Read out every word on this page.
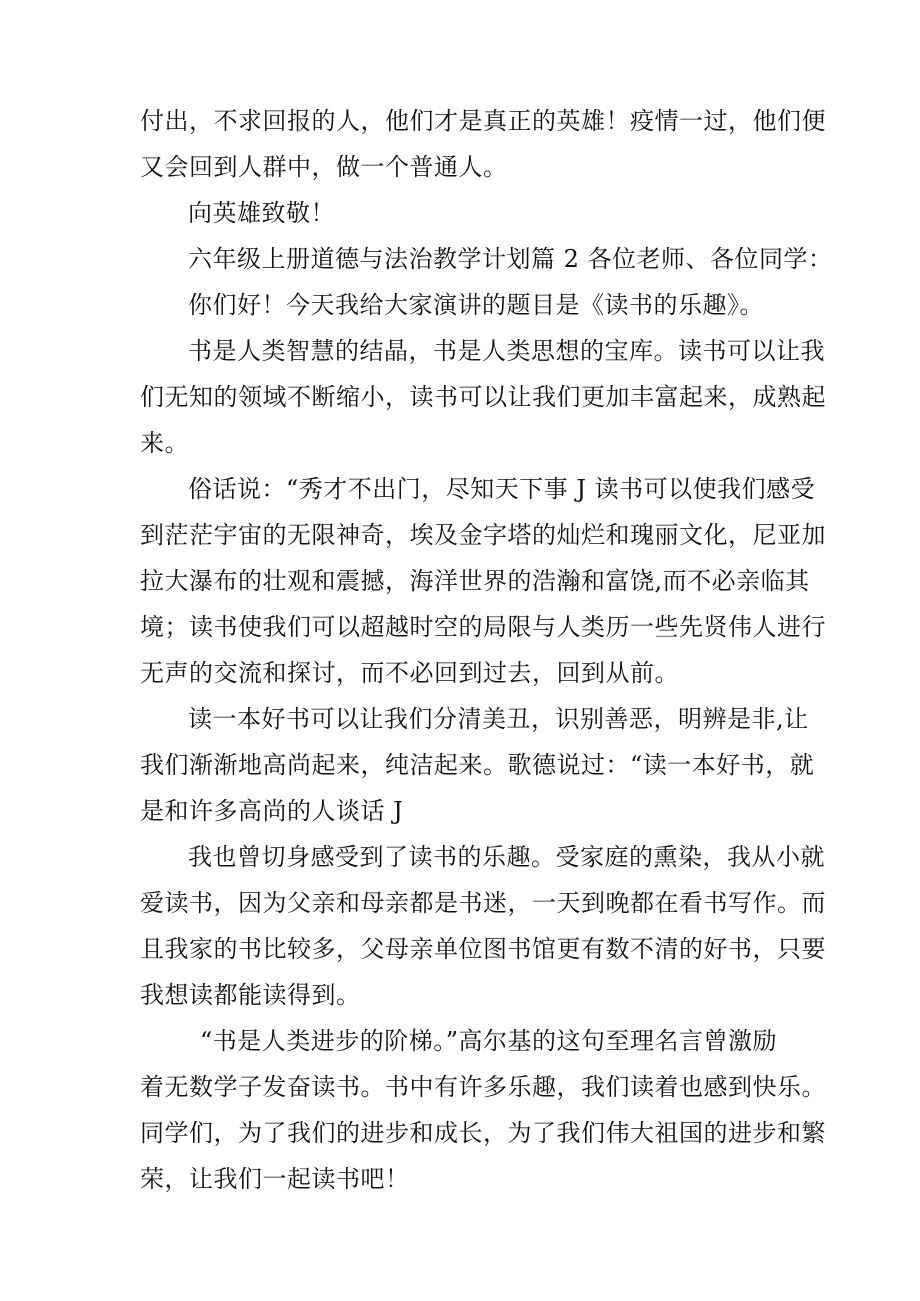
付出，不求回报的人，他们才是真正的英雄！疫情一过，他们便
又会回到人群中，做一个普通人。

向英雄致敬！

六年级上册道德与法治教学计划篇 2 各位老师、各位同学：

你们好！今天我给大家演讲的题目是《读书的乐趣》。

书是人类智慧的结晶，书是人类思想的宝库。读书可以让我
们无知的领域不断缩小，读书可以让我们更加丰富起来，成熟起
来。

俗话说：“秀才不出门，尽知天下事 J 读书可以使我们感受
到茫茫宇宙的无限神奇，埃及金字塔的灿烂和瑰丽文化，尼亚加
拉大瀑布的壮观和震撼，海洋世界的浩瀚和富饶,而不必亲临其
境；读书使我们可以超越时空的局限与人类历一些先贤伟人进行
无声的交流和探讨，而不必回到过去，回到从前。

读一本好书可以让我们分清美丑，识别善恶，明辨是非,让
我们渐渐地高尚起来，纯洁起来。歌德说过：“读一本好书，就
是和许多高尚的人谈话 J

我也曾切身感受到了读书的乐趣。受家庭的熏染，我从小就
爱读书，因为父亲和母亲都是书迷，一天到晚都在看书写作。而
且我家的书比较多，父母亲单位图书馆更有数不清的好书，只要
我想读都能读得到。

“书是人类进步的阶梯。”高尔基的这句至理名言曾激励
着无数学子发奋读书。书中有许多乐趣，我们读着也感到快乐。
同学们，为了我们的进步和成长，为了我们伟大祖国的进步和繁
荣，让我们一起读书吧！
